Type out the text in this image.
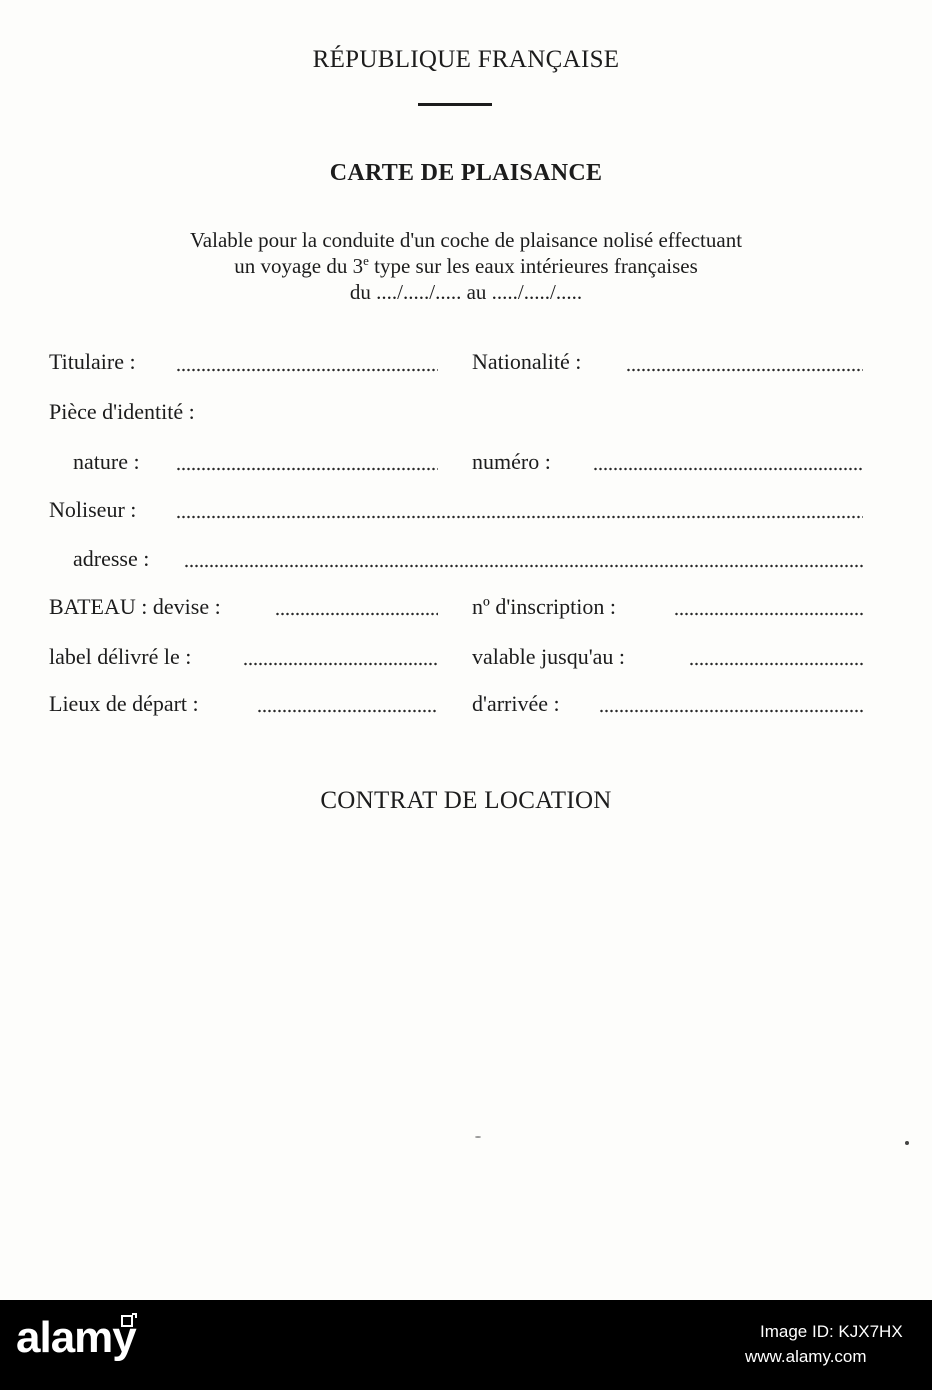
RÉPUBLIQUE FRANÇAISE
CARTE DE PLAISANCE
Valable pour la conduite d'un coche de plaisance nolisé effectuant
un voyage du 3e type sur les eaux intérieures françaises
du ..../...../..... au ...../...../.....
Titulaire :	Nationalité :
Pièce d'identité :
nature :	numéro :
Noliseur :
adresse :
BATEAU : devise :	nº d'inscription :
label délivré le :	valable jusqu'au :
Lieux de départ :	d'arrivée :
CONTRAT DE LOCATION
alamy	Image ID: KJX7HX
www.alamy.com
